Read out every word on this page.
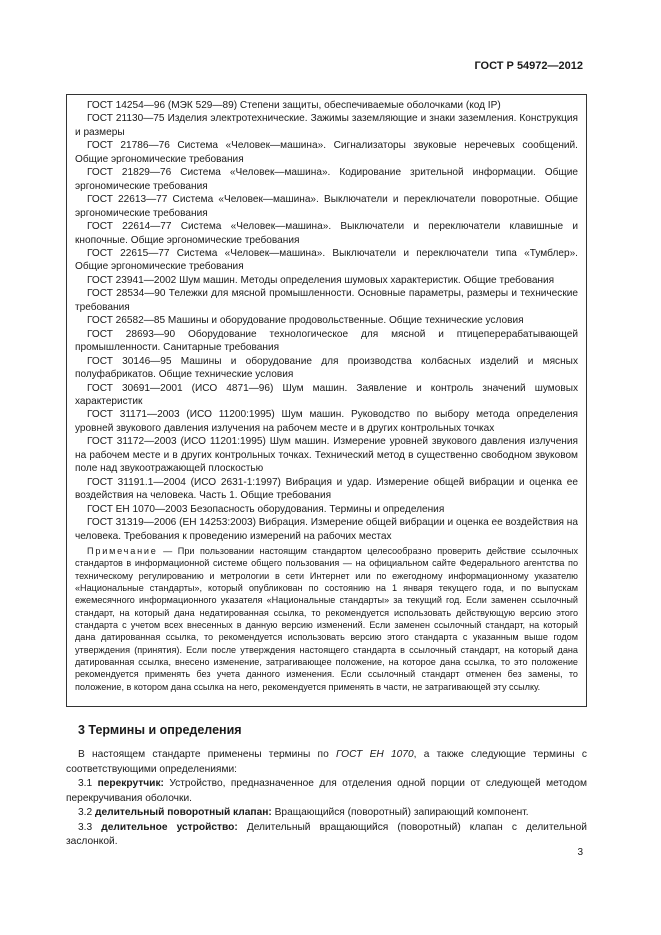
ГОСТ Р 54972—2012

ГОСТ 14254—96 (МЭК 529—89) Степени защиты, обеспечиваемые оболочками (код IP)

ГОСТ 21130—75 Изделия электротехнические. Зажимы заземляющие и знаки заземления. Конструкция и размеры

ГОСТ 21786—76 Система «Человек—машина». Сигнализаторы звуковые неречевых сообщений. Общие эргономические требования

ГОСТ 21829—76 Система «Человек—машина». Кодирование зрительной информации. Общие эргономические требования

ГОСТ 22613—77 Система «Человек—машина». Выключатели и переключатели поворотные. Общие эргономические требования

ГОСТ 22614—77 Система «Человек—машина». Выключатели и переключатели клавишные и кнопочные. Общие эргономические требования

ГОСТ 22615—77 Система «Человек—машина». Выключатели и переключатели типа «Тумблер». Общие эргономические требования

ГОСТ 23941—2002 Шум машин. Методы определения шумовых характеристик. Общие требования

ГОСТ 28534—90 Тележки для мясной промышленности. Основные параметры, размеры и технические требования

ГОСТ 26582—85 Машины и оборудование продовольственные. Общие технические условия

ГОСТ 28693—90 Оборудование технологическое для мясной и птицеперерабатывающей промышленности. Санитарные требования

ГОСТ 30146—95 Машины и оборудование для производства колбасных изделий и мясных полуфабрикатов. Общие технические условия

ГОСТ 30691—2001 (ИСО 4871—96) Шум машин. Заявление и контроль значений шумовых характеристик

ГОСТ 31171—2003 (ИСО 11200:1995) Шум машин. Руководство по выбору метода определения уровней звукового давления излучения на рабочем месте и в других контрольных точках

ГОСТ 31172—2003 (ИСО 11201:1995) Шум машин. Измерение уровней звукового давления излучения на рабочем месте и в других контрольных точках. Технический метод в существенно свободном звуковом поле над звукоотражающей плоскостью

ГОСТ 31191.1—2004 (ИСО 2631-1:1997) Вибрация и удар. Измерение общей вибрации и оценка ее воздействия на человека. Часть 1. Общие требования

ГОСТ ЕН 1070—2003 Безопасность оборудования. Термины и определения

ГОСТ 31319—2006 (ЕН 14253:2003) Вибрация. Измерение общей вибрации и оценка ее воздействия на человека. Требования к проведению измерений на рабочих местах

Примечание — При пользовании настоящим стандартом целесообразно проверить действие ссылочных стандартов в информационной системе общего пользования — на официальном сайте Федерального агентства по техническому регулированию и метрологии в сети Интернет или по ежегодному информационному указателю «Национальные стандарты», который опубликован по состоянию на 1 января текущего года, и по выпускам ежемесячного информационного указателя «Национальные стандарты» за текущий год. Если заменен ссылочный стандарт, на который дана недатированная ссылка, то рекомендуется использовать действующую версию этого стандарта с учетом всех внесенных в данную версию изменений. Если заменен ссылочный стандарт, на который дана датированная ссылка, то рекомендуется использовать версию этого стандарта с указанным выше годом утверждения (принятия). Если после утверждения настоящего стандарта в ссылочный стандарт, на который дана датированная ссылка, внесено изменение, затрагивающее положение, на которое дана ссылка, то это положение рекомендуется применять без учета данного изменения. Если ссылочный стандарт отменен без замены, то положение, в котором дана ссылка на него, рекомендуется применять в части, не затрагивающей эту ссылку.

3 Термины и определения

В настоящем стандарте применены термины по ГОСТ ЕН 1070, а также следующие термины с соответствующими определениями:

3.1 перекрутчик: Устройство, предназначенное для отделения одной порции от следующей методом перекручивания оболочки.

3.2 делительный поворотный клапан: Вращающийся (поворотный) запирающий компонент.

3.3 делительное устройство: Делительный вращающийся (поворотный) клапан с делительной заслонкой.

3
